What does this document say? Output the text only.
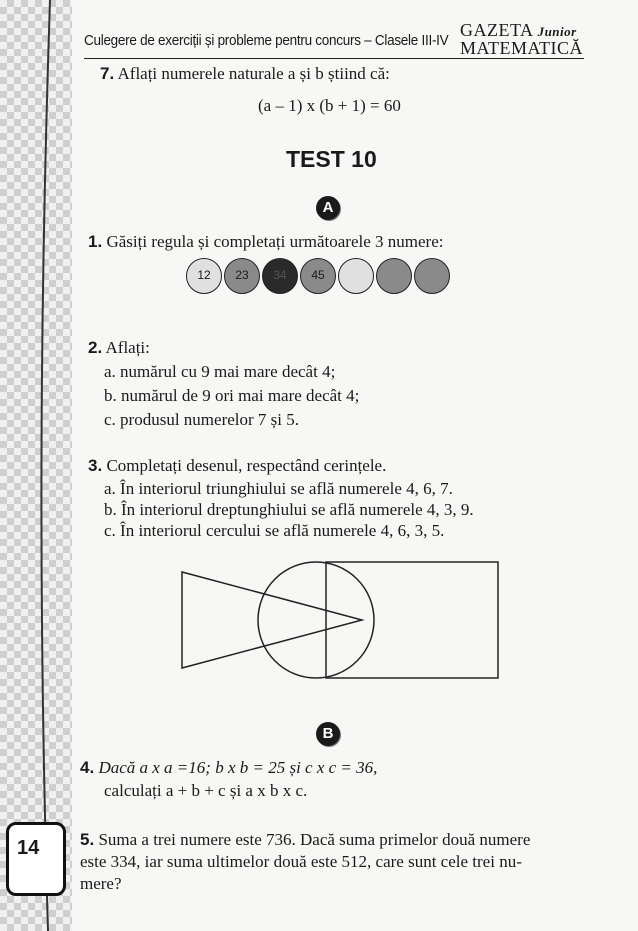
Culegere de exerciții și probleme pentru concurs – Clasele III-IV
GAZETA Junior
MATEMATICĂ
7. Aflați numerele naturale a și b știind că:
(a – 1) x (b + 1) = 60
TEST 10
A
1. Găsiți regula și completați următoarele 3 numere:
12	23	34	45
2. Aflați:
a. numărul cu 9 mai mare decât 4;
b. numărul de 9 ori mai mare decât 4;
c. produsul numerelor 7 și 5.
3. Completați desenul, respectând cerințele.
a. În interiorul triunghiului se află numerele 4, 6, 7.
b. În interiorul dreptunghiului se află numerele 4, 3, 9.
c. În interiorul cercului se află numerele 4, 6, 3, 5.
B
4. Dacă a x a =16; b x b = 25 și c x c = 36,
calculați a + b + c și a x b x c.
5. Suma a trei numere este 736. Dacă suma primelor două numere
este 334, iar suma ultimelor două este 512, care sunt cele trei nu-
mere?
14
